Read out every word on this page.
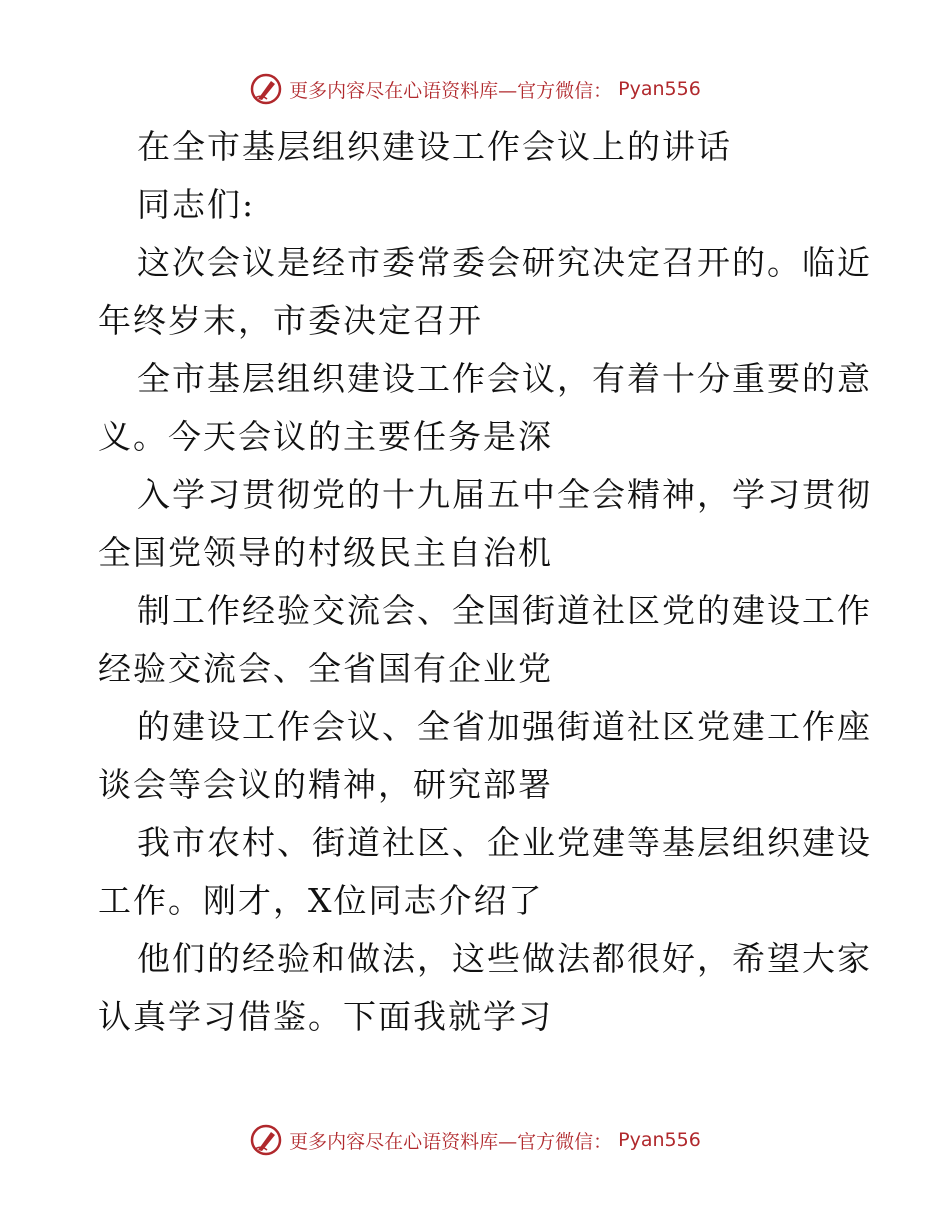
更多内容尽在心语资料库—官方微信： Pyan556
在全市基层组织建设工作会议上的讲话
同志们:
这次会议是经市委常委会研究决定召开的。临近
年终岁末，市委决定召开
全市基层组织建设工作会议，有着十分重要的意
义。今天会议的主要任务是深
入学习贯彻党的十九届五中全会精神，学习贯彻
全国党领导的村级民主自治机
制工作经验交流会、全国街道社区党的建设工作
经验交流会、全省国有企业党
的建设工作会议、全省加强街道社区党建工作座
谈会等会议的精神，研究部署
我市农村、街道社区、企业党建等基层组织建设
工作。刚才，X位同志介绍了
他们的经验和做法，这些做法都很好，希望大家
认真学习借鉴。下面我就学习
更多内容尽在心语资料库—官方微信： Pyan556
